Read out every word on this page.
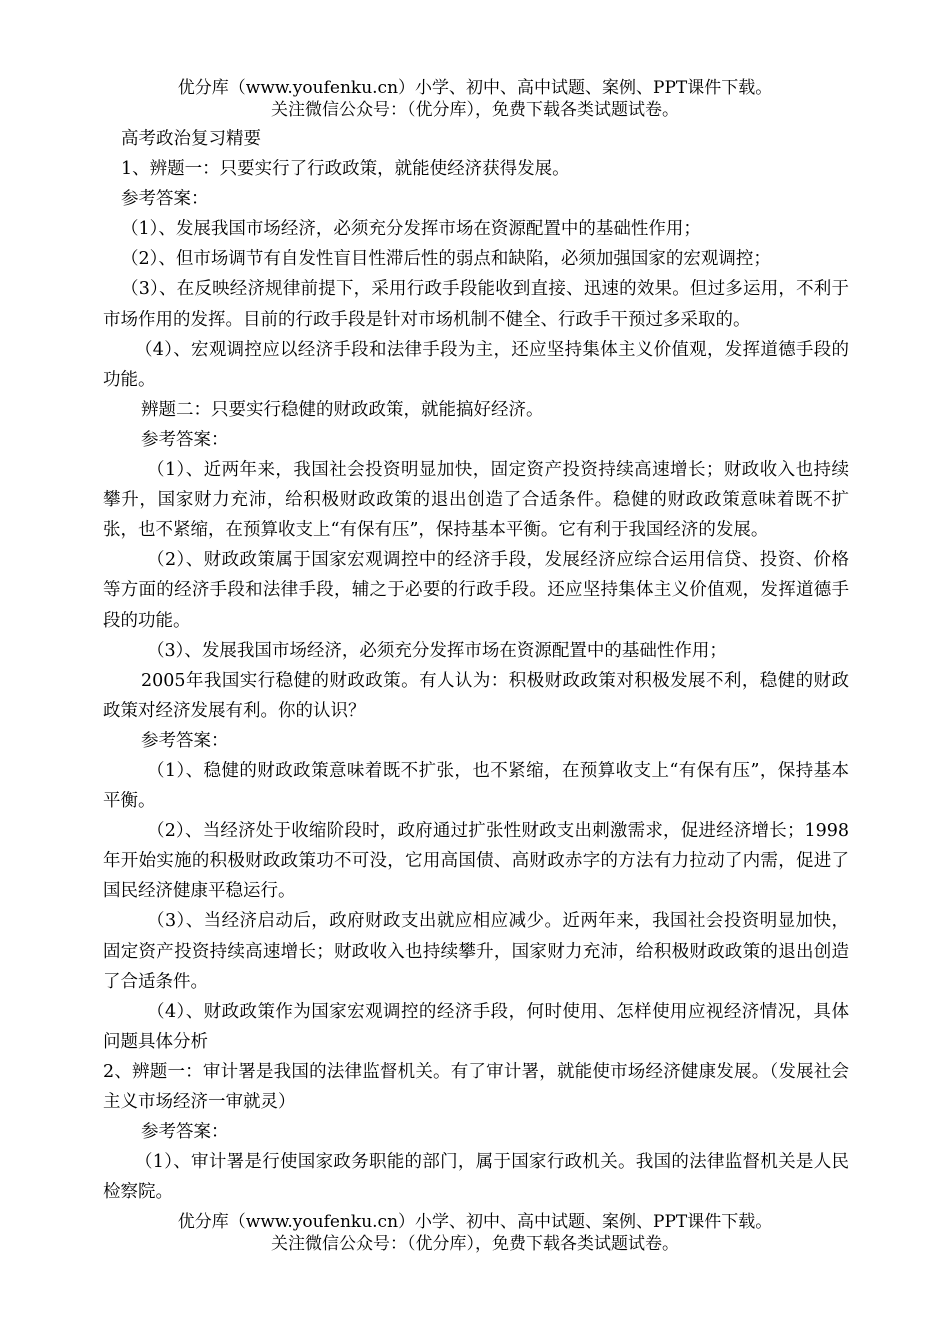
优分库（www.youfenku.cn）小学、初中、高中试题、案例、PPT课件下载。
关注微信公众号：（优分库），免费下载各类试题试卷。

高考政治复习精要

1、辨题一：只要实行了行政政策，就能使经济获得发展。

参考答案：

（1）、发展我国市场经济，必须充分发挥市场在资源配置中的基础性作用；

（2）、但市场调节有自发性盲目性滞后性的弱点和缺陷，必须加强国家的宏观调控；

（3）、在反映经济规律前提下，采用行政手段能收到直接、迅速的效果。但过多运用，不利于市场作用的发挥。目前的行政手段是针对市场机制不健全、行政手干预过多采取的。

（4）、宏观调控应以经济手段和法律手段为主，还应坚持集体主义价值观，发挥道德手段的功能。

辨题二：只要实行稳健的财政政策，就能搞好经济。

参考答案：

（1）、近两年来，我国社会投资明显加快，固定资产投资持续高速增长；财政收入也持续攀升，国家财力充沛，给积极财政政策的退出创造了合适条件。稳健的财政政策意味着既不扩张，也不紧缩，在预算收支上“有保有压”，保持基本平衡。它有利于我国经济的发展。

（2）、财政政策属于国家宏观调控中的经济手段，发展经济应综合运用信贷、投资、价格等方面的经济手段和法律手段，辅之于必要的行政手段。还应坚持集体主义价值观，发挥道德手段的功能。

（3）、发展我国市场经济，必须充分发挥市场在资源配置中的基础性作用；

2005年我国实行稳健的财政政策。有人认为：积极财政政策对积极发展不利，稳健的财政政策对经济发展有利。你的认识？

参考答案：

（1）、稳健的财政政策意味着既不扩张，也不紧缩，在预算收支上“有保有压”，保持基本平衡。

（2）、当经济处于收缩阶段时，政府通过扩张性财政支出刺激需求，促进经济增长；1998年开始实施的积极财政政策功不可没，它用高国债、高财政赤字的方法有力拉动了内需，促进了国民经济健康平稳运行。

（3）、当经济启动后，政府财政支出就应相应减少。近两年来，我国社会投资明显加快，固定资产投资持续高速增长；财政收入也持续攀升，国家财力充沛，给积极财政政策的退出创造了合适条件。

（4）、财政政策作为国家宏观调控的经济手段，何时使用、怎样使用应视经济情况，具体问题具体分析

2、辨题一：审计署是我国的法律监督机关。有了审计署，就能使市场经济健康发展。（发展社会主义市场经济一审就灵）

参考答案：

（1）、审计署是行使国家政务职能的部门，属于国家行政机关。我国的法律监督机关是人民检察院。

优分库（www.youfenku.cn）小学、初中、高中试题、案例、PPT课件下载。
关注微信公众号：（优分库），免费下载各类试题试卷。
